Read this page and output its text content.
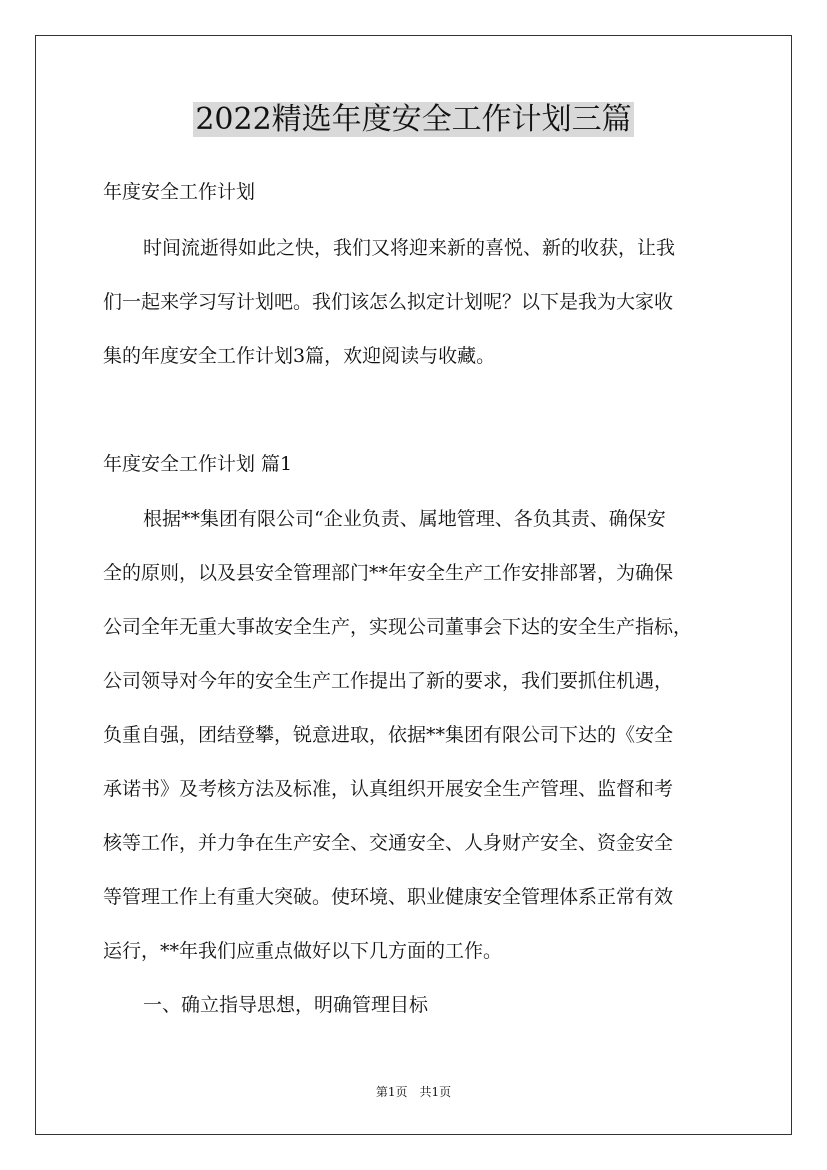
2022精选年度安全工作计划三篇
年度安全工作计划
时间流逝得如此之快，我们又将迎来新的喜悦、新的收获，让我
们一起来学习写计划吧。我们该怎么拟定计划呢？以下是我为大家收
集的年度安全工作计划3篇，欢迎阅读与收藏。
年度安全工作计划 篇1
根据**集团有限公司“企业负责、属地管理、各负其责、确保安
全的原则，以及县安全管理部门**年安全生产工作安排部署，为确保
公司全年无重大事故安全生产，实现公司董事会下达的安全生产指标，
公司领导对今年的安全生产工作提出了新的要求，我们要抓住机遇，
负重自强，团结登攀，锐意进取，依据**集团有限公司下达的《安全
承诺书》及考核方法及标准，认真组织开展安全生产管理、监督和考
核等工作，并力争在生产安全、交通安全、人身财产安全、资金安全
等管理工作上有重大突破。使环境、职业健康安全管理体系正常有效
运行，**年我们应重点做好以下几方面的工作。
一、确立指导思想，明确管理目标
第1页　共1页
